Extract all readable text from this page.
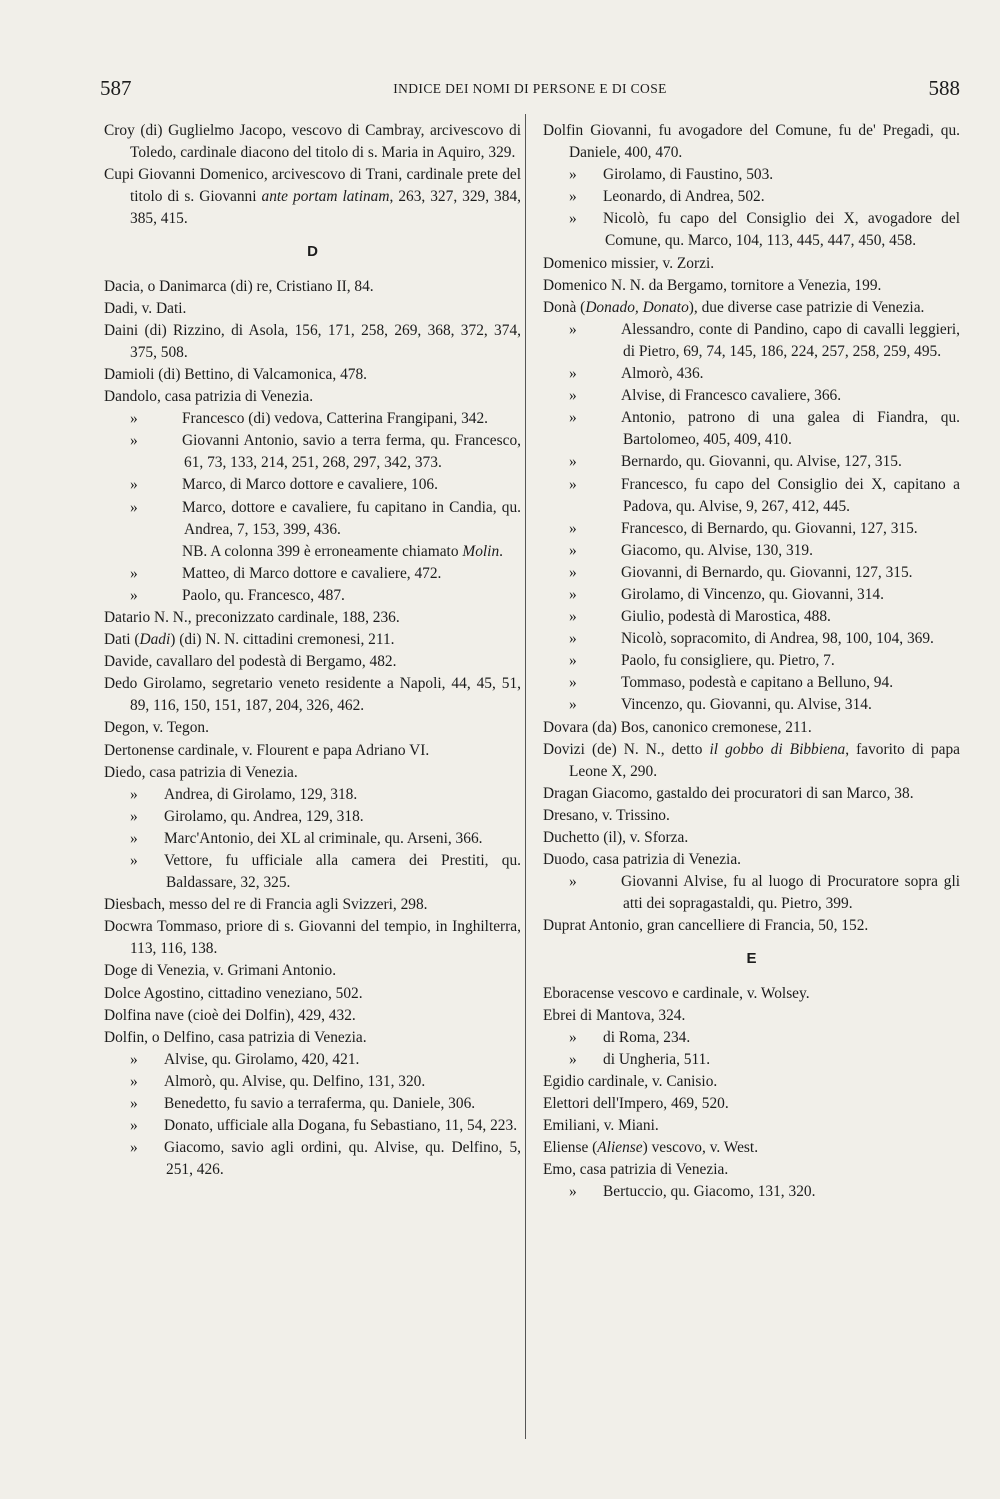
587	INDICE DEI NOMI DI PERSONE E DI COSE	588
Croy (di) Guglielmo Jacopo, vescovo di Cambray, arcivescovo di Toledo, cardinale diacono del titolo di s. Maria in Aquiro, 329.
Cupi Giovanni Domenico, arcivescovo di Trani, cardinale prete del titolo di s. Giovanni ante portam latinam, 263, 327, 329, 384, 385, 415.
D
Dacia, o Danimarca (di) re, Cristiano II, 84.
Dadi, v. Dati.
Daini (di) Rizzino, di Asola, 156, 171, 258, 269, 368, 372, 374, 375, 508.
Damioli (di) Bettino, di Valcamonica, 478.
Dandolo, casa patrizia di Venezia.
»	Francesco (di) vedova, Catterina Frangipani, 342.
»	Giovanni Antonio, savio a terra ferma, qu. Francesco, 61, 73, 133, 214, 251, 268, 297, 342, 373.
»	Marco, di Marco dottore e cavaliere, 106.
»	Marco, dottore e cavaliere, fu capitano in Candia, qu. Andrea, 7, 153, 399, 436.
NB. A colonna 399 è erroneamente chiamato Molin.
»	Matteo, di Marco dottore e cavaliere, 472.
»	Paolo, qu. Francesco, 487.
Datario N. N., preconizzato cardinale, 188, 236.
Dati (Dadi) (di) N. N. cittadini cremonesi, 211.
Davide, cavallaro del podestà di Bergamo, 482.
Dedo Girolamo, segretario veneto residente a Napoli, 44, 45, 51, 89, 116, 150, 151, 187, 204, 326, 462.
Degon, v. Tegon.
Dertonense cardinale, v. Flourent e papa Adriano VI.
Diedo, casa patrizia di Venezia.
» Andrea, di Girolamo, 129, 318.
» Girolamo, qu. Andrea, 129, 318.
» Marc'Antonio, dei XL al criminale, qu. Arseni, 366.
» Vettore, fu ufficiale alla camera dei Prestiti, qu. Baldassare, 32, 325.
Diesbach, messo del re di Francia agli Svizzeri, 298.
Docwra Tommaso, priore di s. Giovanni del tempio, in Inghilterra, 113, 116, 138.
Doge di Venezia, v. Grimani Antonio.
Dolce Agostino, cittadino veneziano, 502.
Dolfina nave (cioè dei Dolfin), 429, 432.
Dolfin, o Delfino, casa patrizia di Venezia.
» Alvise, qu. Girolamo, 420, 421.
» Almorò, qu. Alvise, qu. Delfino, 131, 320.
» Benedetto, fu savio a terraferma, qu. Daniele, 306.
» Donato, ufficiale alla Dogana, fu Sebastiano, 11, 54, 223.
» Giacomo, savio agli ordini, qu. Alvise, qu. Delfino, 5, 251, 426.
Dolfin Giovanni, fu avogadore del Comune, fu de' Pregadi, qu. Daniele, 400, 470.
» Girolamo, di Faustino, 503.
» Leonardo, di Andrea, 502.
» Nicolò, fu capo del Consiglio dei X, avogadore del Comune, qu. Marco, 104, 113, 445, 447, 450, 458.
Domenico missier, v. Zorzi.
Domenico N. N. da Bergamo, tornitore a Venezia, 199.
Donà (Donado, Donato), due diverse case patrizie di Venezia.
»	Alessandro, conte di Pandino, capo di cavalli leggieri, di Pietro, 69, 74, 145, 186, 224, 257, 258, 259, 495.
»	Almorò, 436.
»	Alvise, di Francesco cavaliere, 366.
»	Antonio, patrono di una galea di Fiandra, qu. Bartolomeo, 405, 409, 410.
»	Bernardo, qu. Giovanni, qu. Alvise, 127, 315.
»	Francesco, fu capo del Consiglio dei X, capitano a Padova, qu. Alvise, 9, 267, 412, 445.
»	Francesco, di Bernardo, qu. Giovanni, 127, 315.
»	Giacomo, qu. Alvise, 130, 319.
»	Giovanni, di Bernardo, qu. Giovanni, 127, 315.
»	Girolamo, di Vincenzo, qu. Giovanni, 314.
»	Giulio, podestà di Marostica, 488.
»	Nicolò, sopracomito, di Andrea, 98, 100, 104, 369.
»	Paolo, fu consigliere, qu. Pietro, 7.
»	Tommaso, podestà e capitano a Belluno, 94.
»	Vincenzo, qu. Giovanni, qu. Alvise, 314.
Dovara (da) Bos, canonico cremonese, 211.
Dovizi (de) N. N., detto il gobbo di Bibbiena, favorito di papa Leone X, 290.
Dragan Giacomo, gastaldo dei procuratori di san Marco, 38.
Dresano, v. Trissino.
Duchetto (il), v. Sforza.
Duodo, casa patrizia di Venezia.
»	Giovanni Alvise, fu al luogo di Procuratore sopra gli atti dei sopragastaldi, qu. Pietro, 399.
Duprat Antonio, gran cancelliere di Francia, 50, 152.
E
Eboracense vescovo e cardinale, v. Wolsey.
Ebrei di Mantova, 324.
» di Roma, 234.
» di Ungheria, 511.
Egidio cardinale, v. Canisio.
Elettori dell'Impero, 469, 520.
Emiliani, v. Miani.
Eliense (Aliense) vescovo, v. West.
Emo, casa patrizia di Venezia.
» Bertuccio, qu. Giacomo, 131, 320.
